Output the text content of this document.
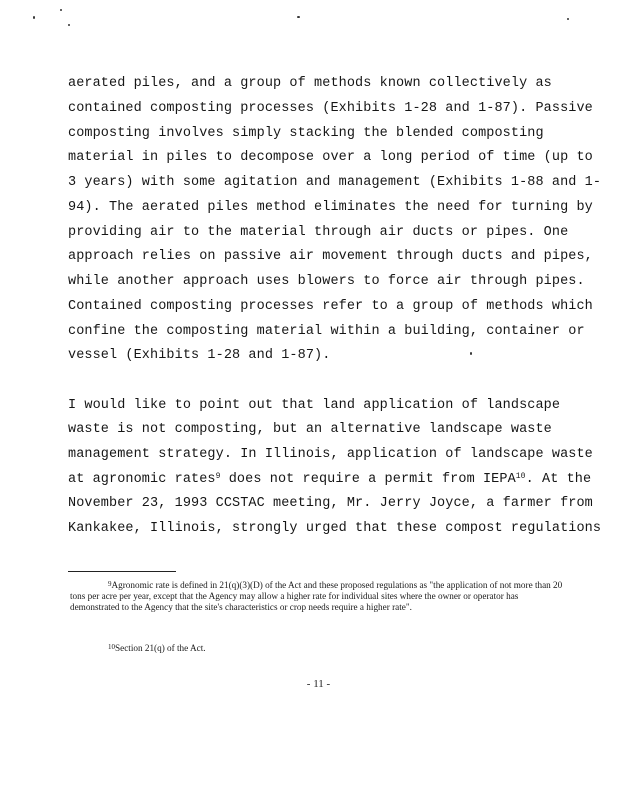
aerated piles, and a group of methods known collectively as
contained composting processes (Exhibits 1-28 and 1-87). Passive
composting involves simply stacking the blended composting
material in piles to decompose over a long period of time (up to
3 years) with some agitation and management (Exhibits 1-88 and 1-
94). The aerated piles method eliminates the need for turning by
providing air to the material through air ducts or pipes. One
approach relies on passive air movement through ducts and pipes,
while another approach uses blowers to force air through pipes.
Contained composting processes refer to a group of methods which
confine the composting material within a building, container or
vessel (Exhibits 1-28 and 1-87).
I would like to point out that land application of landscape
waste is not composting, but an alternative landscape waste
management strategy. In Illinois, application of landscape waste
at agronomic rates$^9$ does not require a permit from IEPA$^{10}$. At the
November 23, 1993 CCSTAC meeting, Mr. Jerry Joyce, a farmer from
Kankakee, Illinois, strongly urged that these compost regulations
$^9$Agronomic rate is defined in 21(q)(3)(D) of the Act and these proposed regulations as "the application of not more than 20 tons per acre per year, except that the Agency may allow a higher rate for individual sites where the owner or operator has demonstrated to the Agency that the site's characteristics or crop needs require a higher rate".
$^{10}$Section 21(q) of the Act.
- 11 -
